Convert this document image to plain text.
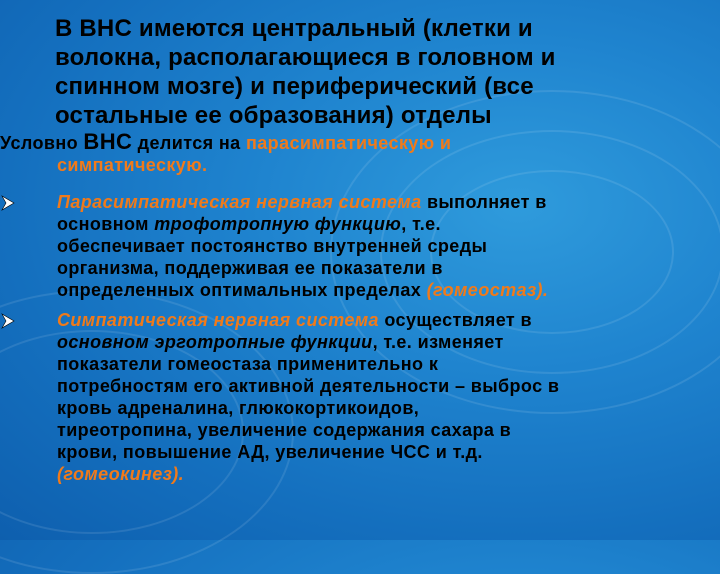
В ВНС имеются центральный (клетки и
волокна, располагающиеся в головном и
спинном мозге) и периферический (все
остальные ее образования) отделы
Условно ВНС делится на парасимпатическую и
симпатическую.
Парасимпатическая нервная система выполняет в
основном трофотропную функцию, т.е.
обеспечивает постоянство внутренней среды
организма, поддерживая ее показатели в
определенных оптимальных пределах (гомеостаз).
Симпатическая нервная система осуществляет в
основном эрготропные функции, т.е. изменяет
показатели гомеостаза применительно к
потребностям его активной деятельности – выброс в
кровь адреналина, глюкокортикоидов,
тиреотропина, увеличение содержания сахара в
крови, повышение АД, увеличение ЧСС и т.д.
(гомеокинез).
